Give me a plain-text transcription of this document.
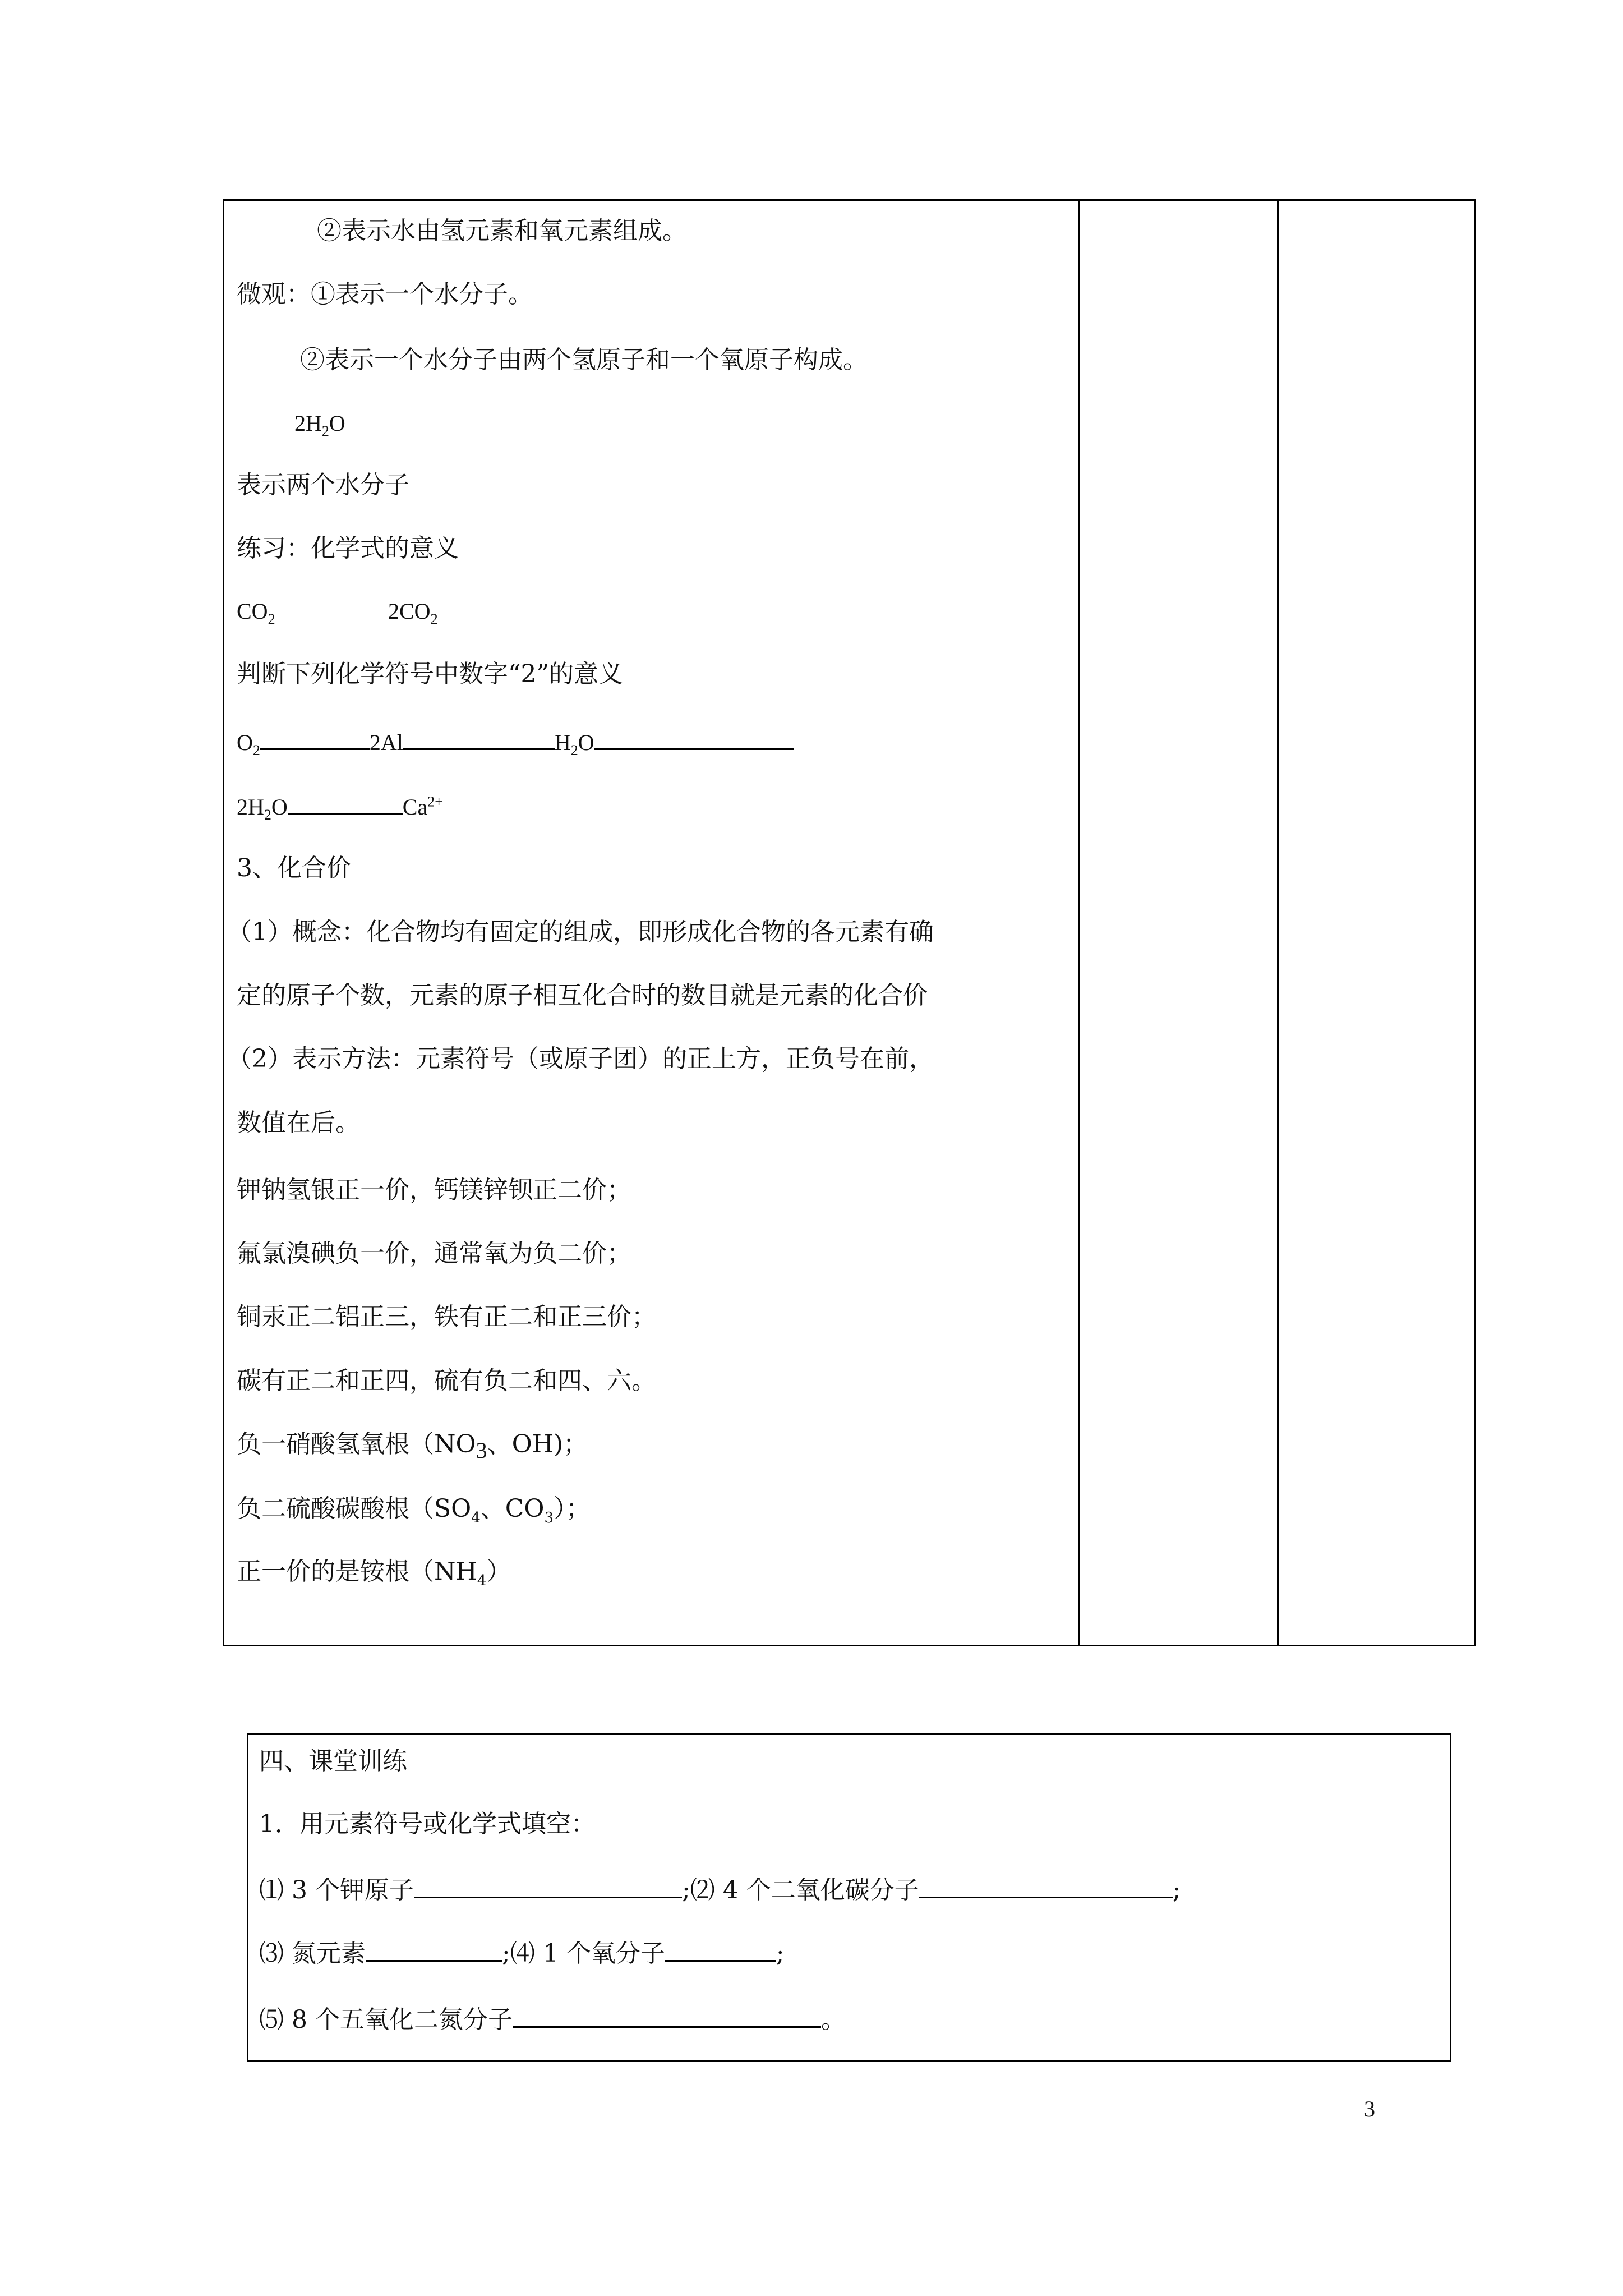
②表示水由氢元素和氧元素组成。
微观：①表示一个水分子。
②表示一个水分子由两个氢原子和一个氧原子构成。
$2H_2O$
表示两个水分子
练习：化学式的意义
$CO_2$	$2CO_2$
判断下列化学符号中数字“2”的意义
$O_2$	2Al	$H_2O$
$2H_2O$	$Ca^{2+}$
3、化合价
（1）概念：化合物均有固定的组成，即形成化合物的各元素有确
定的原子个数，元素的原子相互化合时的数目就是元素的化合价
（2）表示方法：元素符号（或原子团）的正上方，正负号在前，
数值在后。
钾钠氢银正一价，钙镁锌钡正二价；
氟氯溴碘负一价，通常氧为负二价；
铜汞正二铝正三，铁有正二和正三价；
碳有正二和正四，硫有负二和四、六。
负一硝酸氢氧根（$NO_3$、OH)；
负二硫酸碳酸根（$SO_4$、$CO_3$）；
正一价的是铵根$(NH_4)$
四、课堂训练
1．用元素符号或化学式填空：
⑴ 3 个钾原子	;⑵ 4 个二氧化碳分子	;
⑶ 氮元素	;⑷ 1 个氧分子	;
⑸ 8 个五氧化二氮分子	。
3
